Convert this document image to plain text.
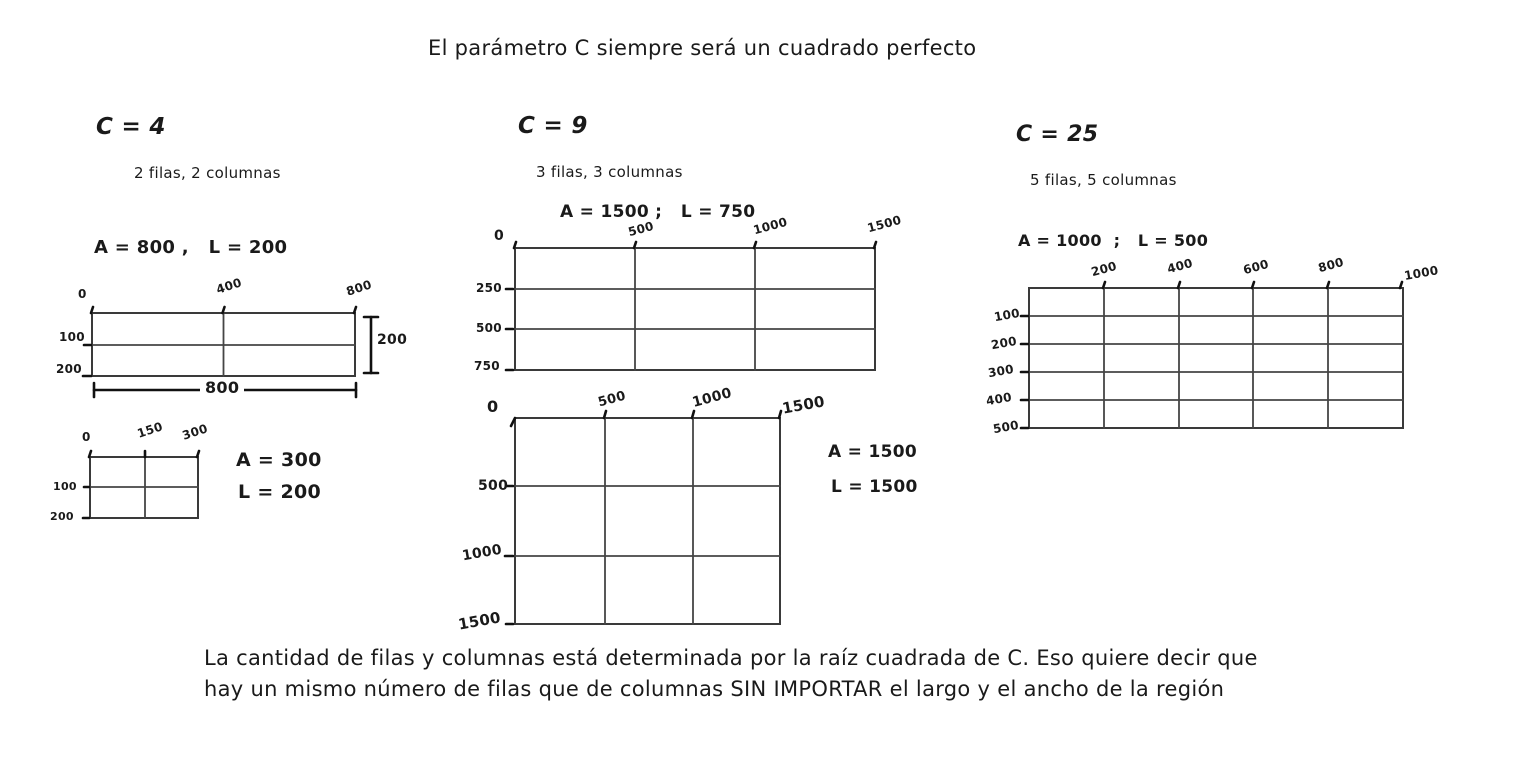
El parámetro C siempre será un cuadrado perfecto
C = 4
2 filas, 2 columnas
A = 800 ,   L = 200
0	400	800
100
200
200
800
0	150 300
100
200
A = 300
L = 200
C = 9
3 filas, 3 columnas
A = 1500 ;   L = 750
0	500	1000	1500
250
500
750
0	500	1000	1500
500
1000
1500
A = 1500
L = 1500
C = 25
5 filas, 5 columnas
A = 1000  ;   L = 500
200	400	600	800	1000
100
200
300
400
500
La cantidad de filas y columnas está determinada por la raíz cuadrada de C. Eso quiere decir que
hay un mismo número de filas que de columnas SIN IMPORTAR el largo y el ancho de la región
